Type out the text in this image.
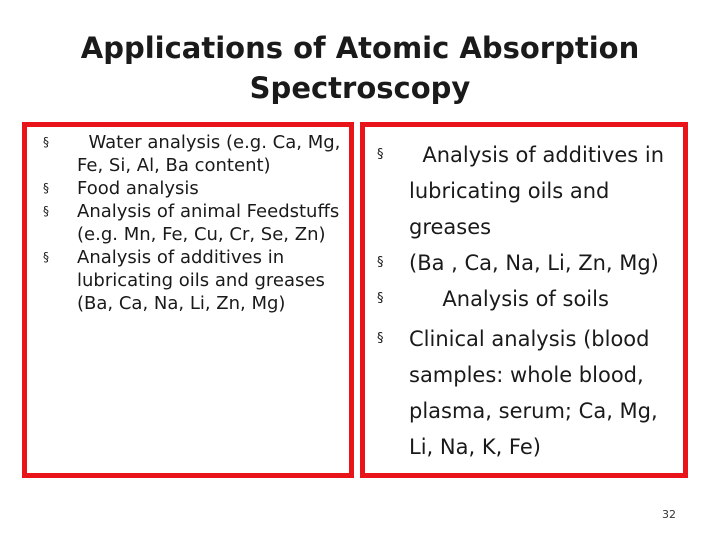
Applications of Atomic Absorption
Spectroscopy
§ Water analysis (e.g. Ca, Mg, Fe, Si, Al, Ba content)
§ Food analysis
§ Analysis of animal Feedstuffs (e.g. Mn, Fe, Cu, Cr, Se, Zn)
§ Analysis of additives in lubricating oils and greases (Ba, Ca, Na, Li, Zn, Mg)
§ Analysis of additives in lubricating oils and greases
§ (Ba , Ca, Na, Li, Zn, Mg)
§ Analysis of soils
§ Clinical analysis (blood samples: whole blood, plasma, serum; Ca, Mg, Li, Na, K, Fe)
32
